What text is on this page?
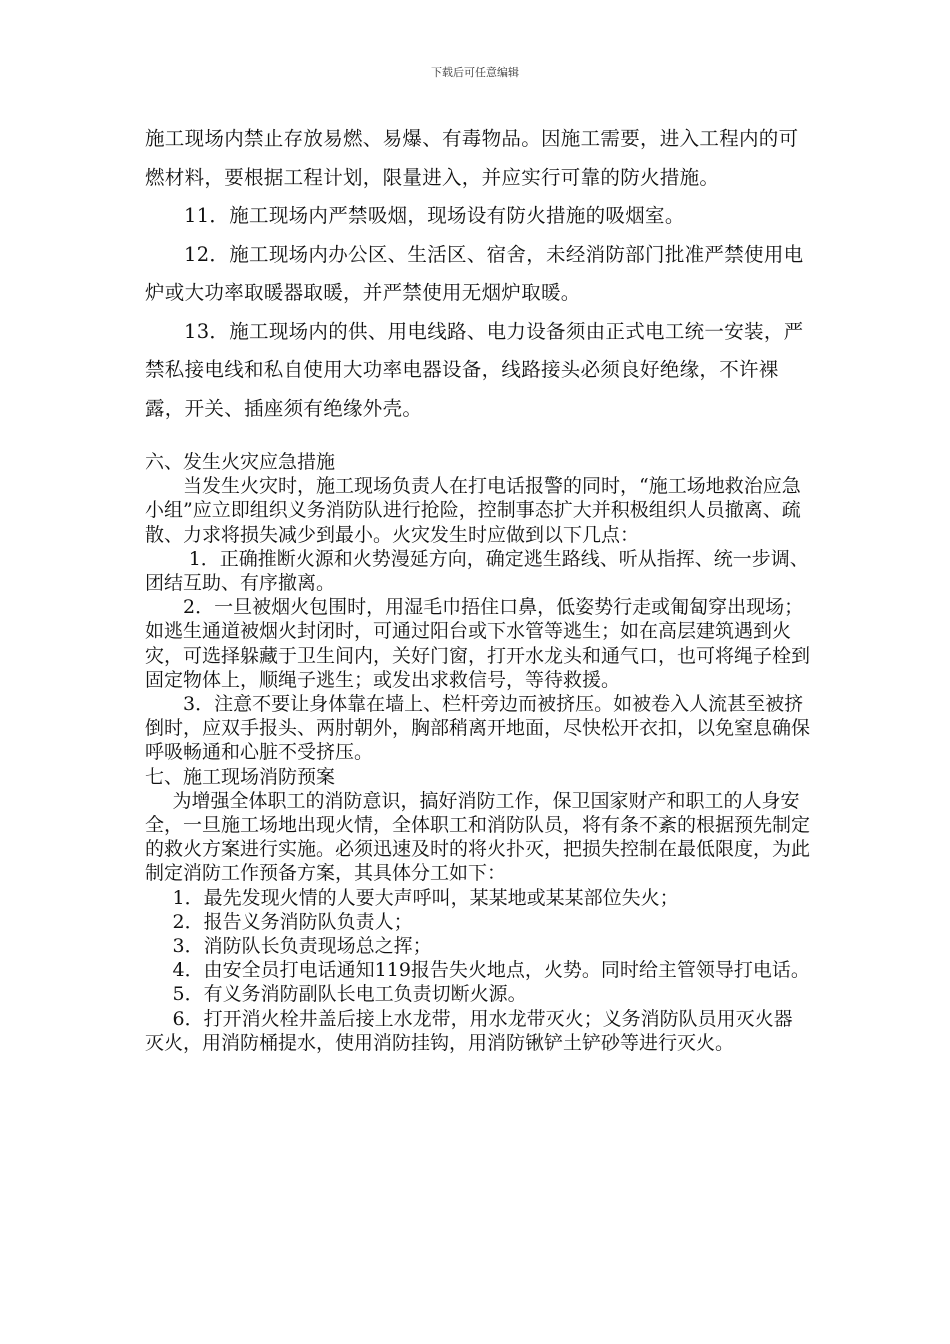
下载后可任意编辑

施工现场内禁止存放易燃、易爆、有毒物品。因施工需要，进入工程内的可燃材料，要根据工程计划，限量进入，并应实行可靠的防火措施。

11．施工现场内严禁吸烟，现场设有防火措施的吸烟室。

12．施工现场内办公区、生活区、宿舍，未经消防部门批准严禁使用电炉或大功率取暖器取暖，并严禁使用无烟炉取暖。

13．施工现场内的供、用电线路、电力设备须由正式电工统一安装，严禁私接电线和私自使用大功率电器设备，线路接头必须良好绝缘，不许裸露，开关、插座须有绝缘外壳。

六、发生火灾应急措施

当发生火灾时，施工现场负责人在打电话报警的同时，“施工场地救治应急小组”应立即组织义务消防队进行抢险，控制事态扩大并积极组织人员撤离、疏散、力求将损失减少到最小。火灾发生时应做到以下几点：

1．正确推断火源和火势漫延方向，确定逃生路线、听从指挥、统一步调、团结互助、有序撤离。

2．一旦被烟火包围时，用湿毛巾捂住口鼻，低姿势行走或匍匐穿出现场；如逃生通道被烟火封闭时，可通过阳台或下水管等逃生；如在高层建筑遇到火灾，可选择躲藏于卫生间内，关好门窗，打开水龙头和通气口，也可将绳子栓到固定物体上，顺绳子逃生；或发出求救信号，等待救援。

3．注意不要让身体靠在墙上、栏杆旁边而被挤压。如被卷入人流甚至被挤倒时，应双手报头、两肘朝外，胸部稍离开地面，尽快松开衣扣，以免窒息确保呼吸畅通和心脏不受挤压。

七、施工现场消防预案

为增强全体职工的消防意识，搞好消防工作，保卫国家财产和职工的人身安全，一旦施工场地出现火情，全体职工和消防队员，将有条不紊的根据预先制定的救火方案进行实施。必须迅速及时的将火扑灭，把损失控制在最低限度，为此制定消防工作预备方案，其具体分工如下：

1．最先发现火情的人要大声呼叫，某某地或某某部位失火；

2．报告义务消防队负责人；

3．消防队长负责现场总之挥；

4．由安全员打电话通知119报告失火地点，火势。同时给主管领导打电话。

5．有义务消防副队长电工负责切断火源。

6．打开消火栓井盖后接上水龙带，用水龙带灭火；义务消防队员用灭火器灭火，用消防桶提水，使用消防挂钩，用消防锹铲土铲砂等进行灭火。
